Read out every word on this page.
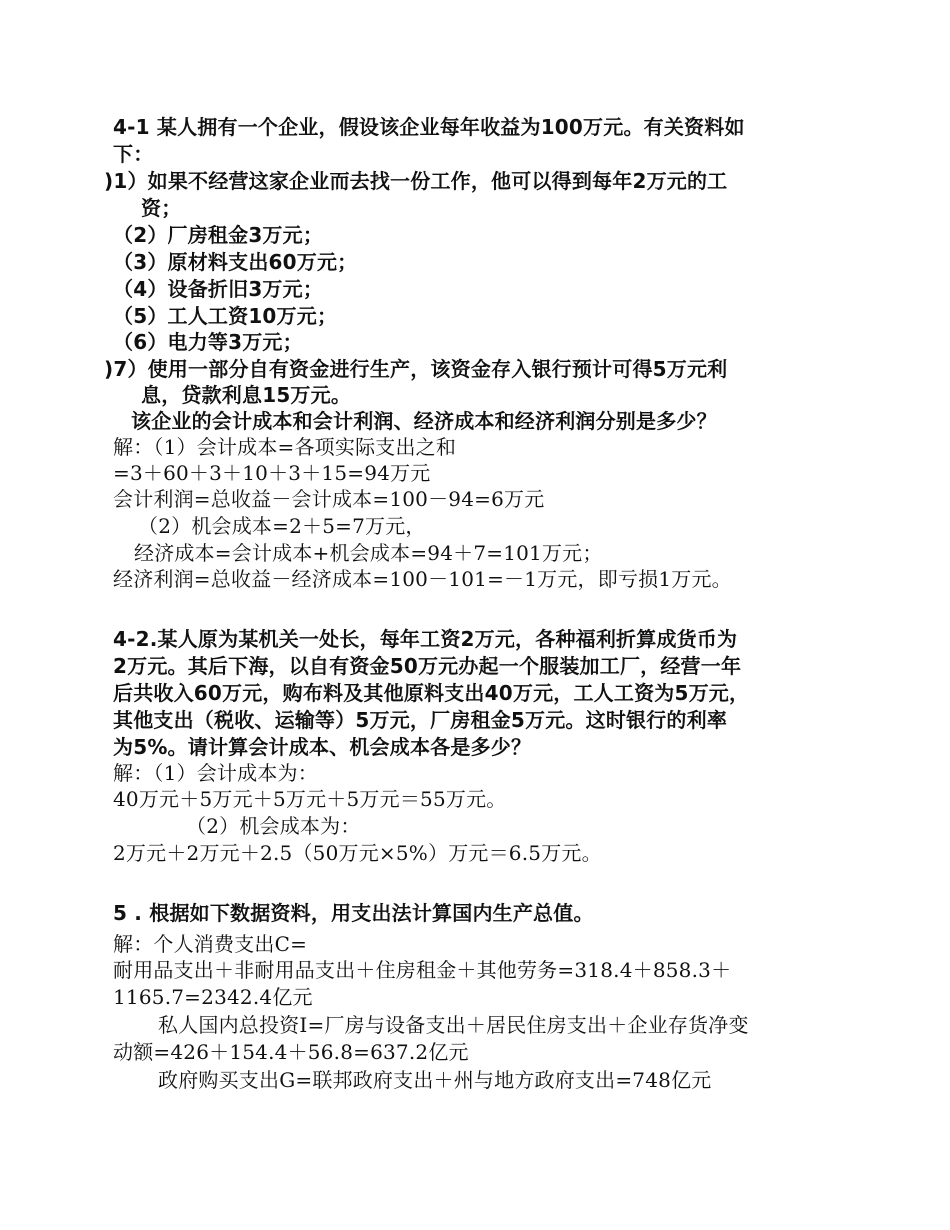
4-1 某人拥有一个企业，假设该企业每年收益为100万元。有关资料如
下：
)1）如果不经营这家企业而去找一份工作，他可以得到每年2万元的工
资；
（2）厂房租金3万元；
（3）原材料支出60万元；
（4）设备折旧3万元；
（5）工人工资10万元；
（6）电力等3万元；
)7）使用一部分自有资金进行生产，该资金存入银行预计可得5万元利
息，贷款利息15万元。
该企业的会计成本和会计利润、经济成本和经济利润分别是多少？
解：（1）会计成本=各项实际支出之和
=3＋60＋3＋10＋3＋15=94万元
会计利润=总收益－会计成本=100－94=6万元
（2）机会成本=2＋5=7万元，
经济成本=会计成本+机会成本=94＋7=101万元；
经济利润=总收益－经济成本=100－101=－1万元，即亏损1万元。
4-2.某人原为某机关一处长，每年工资2万元，各种福利折算成货币为
2万元。其后下海，以自有资金50万元办起一个服装加工厂，经营一年
后共收入60万元，购布料及其他原料支出40万元，工人工资为5万元，
其他支出（税收、运输等）5万元，厂房租金5万元。这时银行的利率
为5%。请计算会计成本、机会成本各是多少？
解：（1）会计成本为：
40万元＋5万元＋5万元＋5万元＝55万元。
（2）机会成本为：
2万元＋2万元＋2.5（50万元×5%）万元＝6.5万元。
5 . 根据如下数据资料，用支出法计算国内生产总值。
解：个人消费支出C=
耐用品支出＋非耐用品支出＋住房租金＋其他劳务=318.4＋858.3＋
1165.7=2342.4亿元
私人国内总投资I=厂房与设备支出＋居民住房支出＋企业存货净变
动额=426＋154.4＋56.8=637.2亿元
政府购买支出G=联邦政府支出＋州与地方政府支出=748亿元
